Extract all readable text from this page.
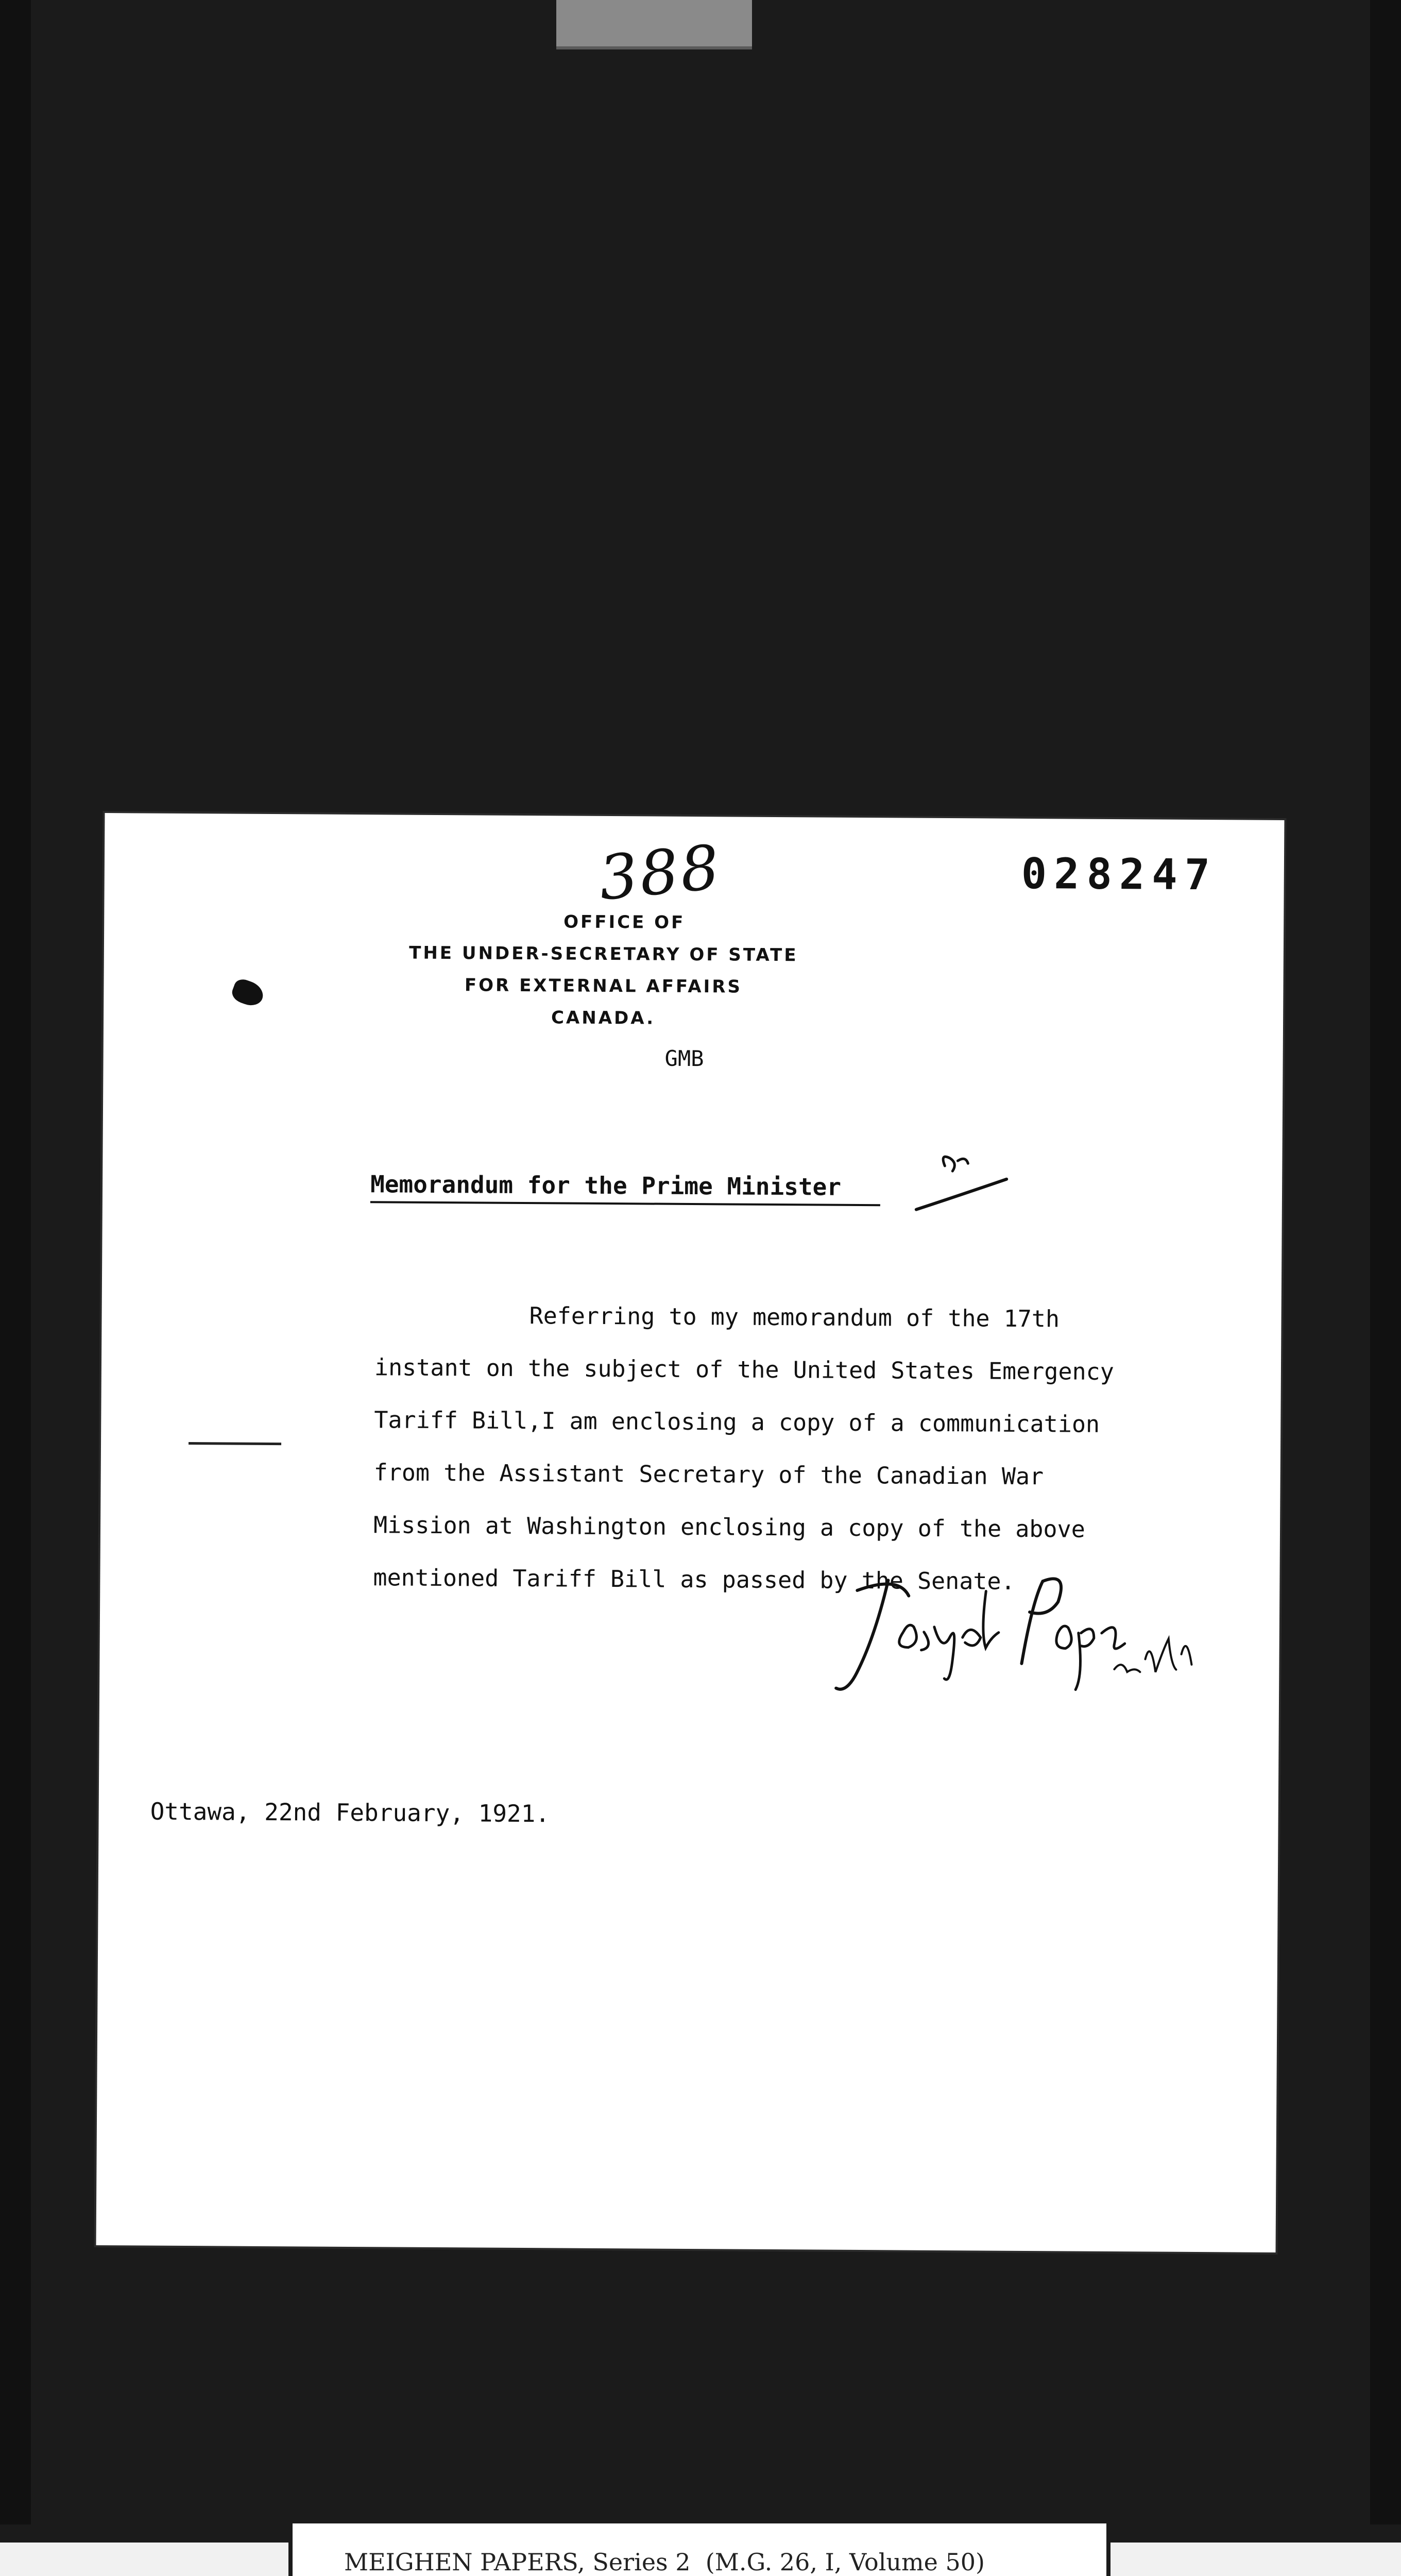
388	028247
OFFICE OF
THE UNDER-SECRETARY OF STATE
FOR EXTERNAL AFFAIRS
CANADA.
GMB
Memorandum for the Prime Minister
Referring to my memorandum of the 17th
instant on the subject of the United States Emergency
Tariff Bill,I am enclosing a copy of a communication
from the Assistant Secretary of the Canadian War
Mission at Washington enclosing a copy of the above
mentioned Tariff Bill as passed by the Senate.
Ottawa, 22nd February, 1921.
MEIGHEN PAPERS, Series 2  (M.G. 26, I, Volume 50)
